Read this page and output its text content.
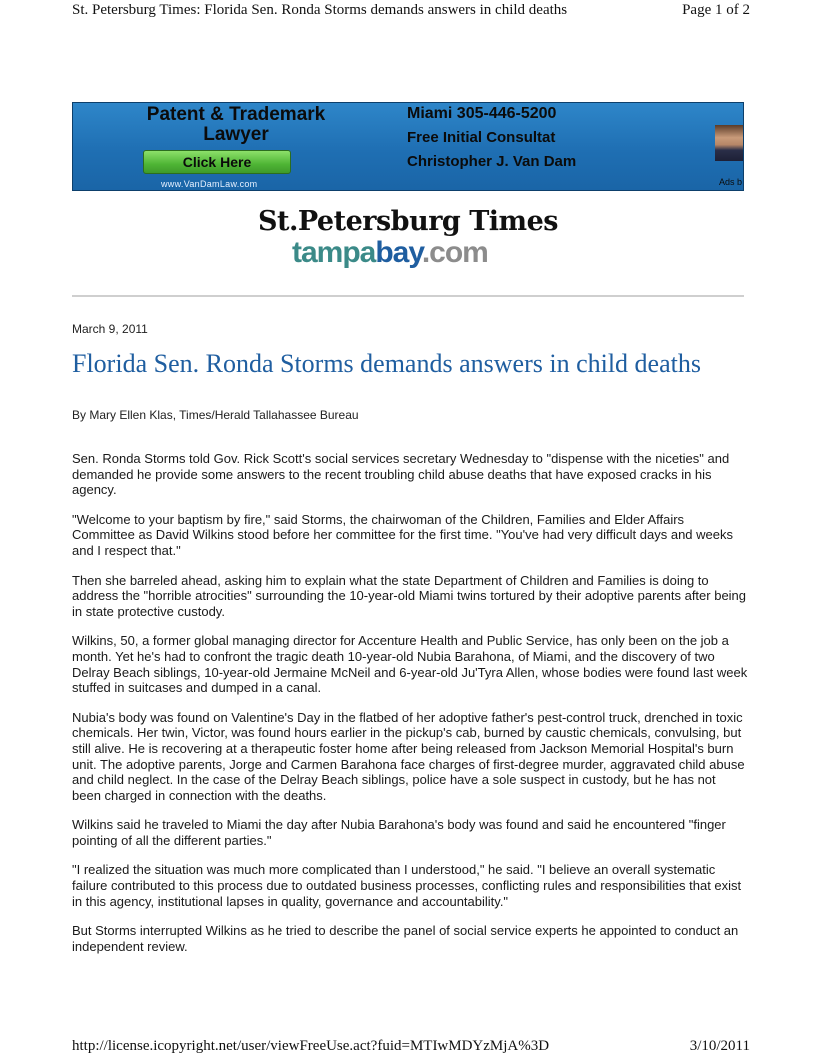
St. Petersburg Times: Florida Sen. Ronda Storms demands answers in child deaths	Page 1 of 2
Patent & Trademark
Lawyer
Click Here
www.VanDamLaw.com
Miami 305-446-5200
Free Initial Consultat
Christopher J. Van Dam
Ads b
St.Petersburg Times
tampabay.com
March 9, 2011
Florida Sen. Ronda Storms demands answers in child deaths
By Mary Ellen Klas, Times/Herald Tallahassee Bureau

Sen. Ronda Storms told Gov. Rick Scott's social services secretary Wednesday to "dispense with the niceties" and demanded he provide some answers to the recent troubling child abuse deaths that have exposed cracks in his agency.

"Welcome to your baptism by fire," said Storms, the chairwoman of the Children, Families and Elder Affairs Committee as David Wilkins stood before her committee for the first time. "You've had very difficult days and weeks and I respect that."

Then she barreled ahead, asking him to explain what the state Department of Children and Families is doing to address the "horrible atrocities" surrounding the 10-year-old Miami twins tortured by their adoptive parents after being in state protective custody.

Wilkins, 50, a former global managing director for Accenture Health and Public Service, has only been on the job a month. Yet he's had to confront the tragic death 10-year-old Nubia Barahona, of Miami, and the discovery of two Delray Beach siblings, 10-year-old Jermaine McNeil and 6-year-old Ju'Tyra Allen, whose bodies were found last week stuffed in suitcases and dumped in a canal.

Nubia's body was found on Valentine's Day in the flatbed of her adoptive father's pest-control truck, drenched in toxic chemicals. Her twin, Victor, was found hours earlier in the pickup's cab, burned by caustic chemicals, convulsing, but still alive. He is recovering at a therapeutic foster home after being released from Jackson Memorial Hospital's burn unit. The adoptive parents, Jorge and Carmen Barahona face charges of first-degree murder, aggravated child abuse and child neglect. In the case of the Delray Beach siblings, police have a sole suspect in custody, but he has not been charged in connection with the deaths.

Wilkins said he traveled to Miami the day after Nubia Barahona's body was found and said he encountered "finger pointing of all the different parties."

"I realized the situation was much more complicated than I understood," he said. "I believe an overall systematic failure contributed to this process due to outdated business processes, conflicting rules and responsibilities that exist in this agency, institutional lapses in quality, governance and accountability."

But Storms interrupted Wilkins as he tried to describe the panel of social service experts he appointed to conduct an independent review.

http://license.icopyright.net/user/viewFreeUse.act?fuid=MTIwMDYzMjA%3D	3/10/2011
